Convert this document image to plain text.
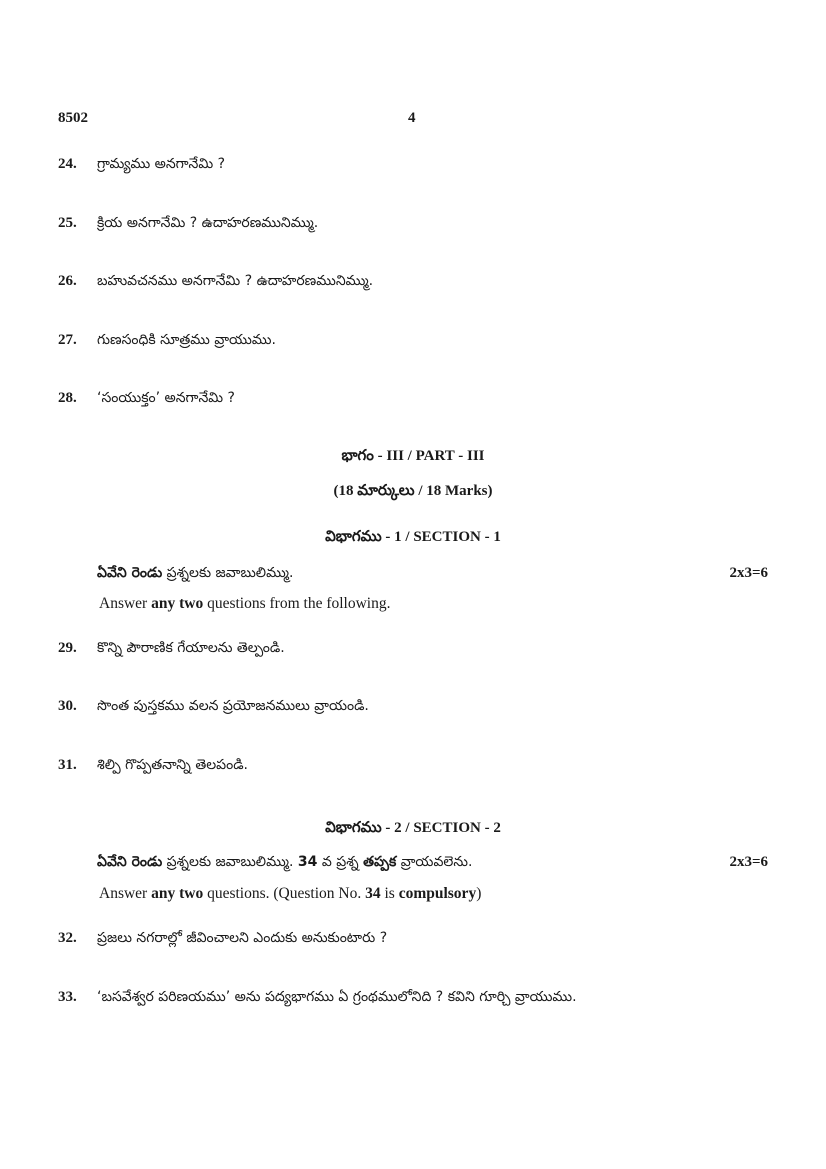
8502	4
24. గ్రామ్యము అనగానేమి ?
25. క్రియ అనగానేమి ? ఉదాహరణమునిమ్ము.
26. బహువచనము అనగానేమి ? ఉదాహరణమునిమ్ము.
27. గుణసంధికి సూత్రము వ్రాయుము.
28. ‘సంయుక్తం’ అనగానేమి ?
భాగం - III / PART - III
(18 మార్కులు / 18 Marks)
విభాగము - 1 / SECTION - 1
ఏవేని రెండు ప్రశ్నలకు జవాబులిమ్ము.	2x3=6
Answer any two questions from the following.
29. కొన్ని పౌరాణిక గేయాలను తెల్పండి.
30. సొంత పుస్తకము వలన ప్రయోజనములు వ్రాయండి.
31. శిల్పి గొప్పతనాన్ని తెలపండి.
విభాగము - 2 / SECTION - 2
ఏవేని రెండు ప్రశ్నలకు జవాబులిమ్ము. 34 వ ప్రశ్న తప్పక వ్రాయవలెను.	2x3=6
Answer any two questions. (Question No. 34 is compulsory)
32. ప్రజలు నగరాల్లో జీవించాలని ఎందుకు అనుకుంటారు ?
33. ‘బసవేశ్వర పరిణయము’ అను పద్యభాగము ఏ గ్రంథములోనిది ? కవిని గూర్చి వ్రాయుము.
